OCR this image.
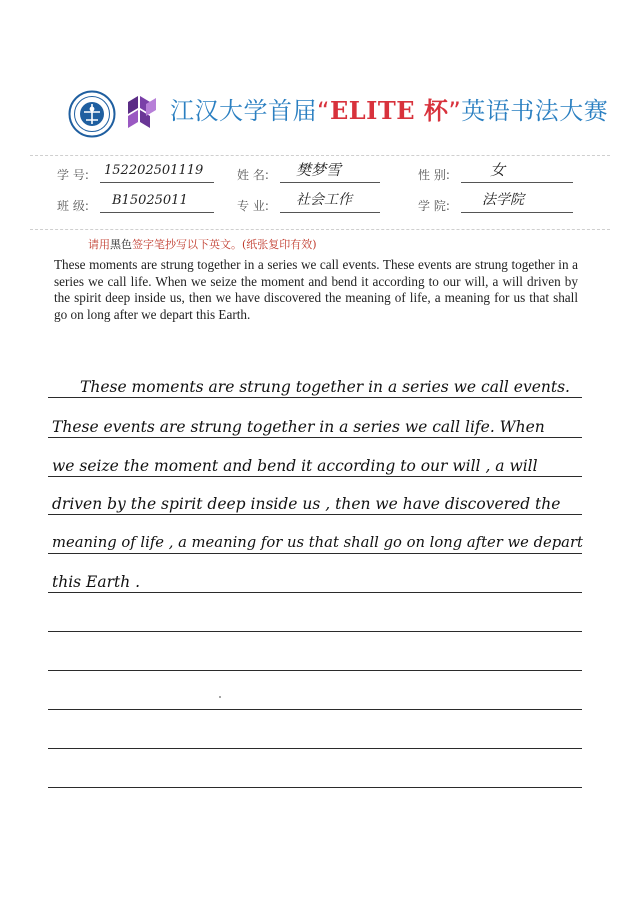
江汉大学首届“ELITE 杯”英语书法大赛
学 号: 152202501119	姓 名: 樊梦雪	性 别:	女
班 级: B15025011	专 业: 社会工作	学 院: 法学院
请用黑色签字笔抄写以下英文。(纸张复印有效)
These moments are strung together in a series we call events. These events are strung together in a series we call life. When we seize the moment and bend it according to our will, a will driven by the spirit deep inside us, then we have discovered the meaning of life, a meaning for us that shall go on long after we depart this Earth.
These moments are strung together in a series we call events.
These events are strung together in a series we call life. When
we seize the moment and bend it according to our will , a will
driven by the spirit deep inside us , then we have discovered the
meaning of life , a meaning for us that shall go on long after we depart
this Earth .
